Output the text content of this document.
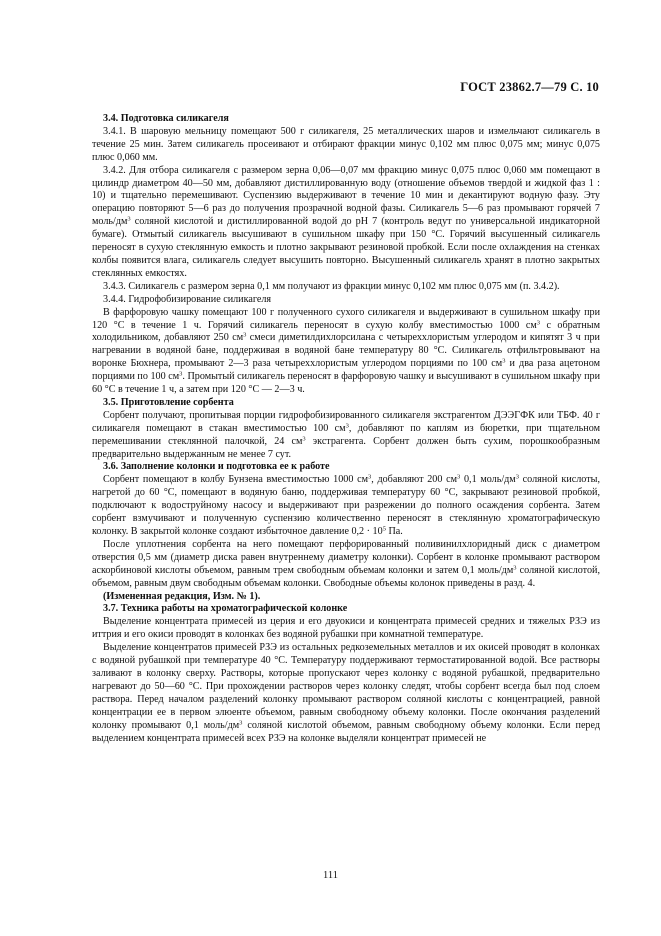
ГОСТ 23862.7—79 С. 10
3.4. Подготовка силикагеля

3.4.1. В шаровую мельницу помещают 500 г силикагеля, 25 металлических шаров и измельчают силикагель в течение 25 мин. Затем силикагель просеивают и отбирают фракции минус 0,102 мм плюс 0,075 мм; минус 0,075 плюс 0,060 мм.

3.4.2. Для отбора силикагеля с размером зерна 0,06—0,07 мм фракцию минус 0,075 плюс 0,060 мм помещают в цилиндр диаметром 40—50 мм, добавляют дистиллированную воду (отношение объемов твердой и жидкой фаз 1 : 10) и тщательно перемешивают. Суспензию выдерживают в течение 10 мин и декантируют водную фазу. Эту операцию повторяют 5—6 раз до получения прозрачной водной фазы. Силикагель 5—6 раз промывают горячей 7 моль/$дм^3$ соляной кислотой и дистиллированной водой до рН 7 (контроль ведут по универсальной индикаторной бумаге). Отмытый силикагель высушивают в сушильном шкафу при 150 °С. Горячий высушенный силикагель переносят в сухую стеклянную емкость и плотно закрывают резиновой пробкой. Если после охлаждения на стенках колбы появится влага, силикагель следует высушить повторно. Высушенный силикагель хранят в плотно закрытых стеклянных емкостях.

3.4.3. Силикагель с размером зерна 0,1 мм получают из фракции минус 0,102 мм плюс 0,075 мм (п. 3.4.2).

3.4.4. Гидрофобизирование силикагеля

В фарфоровую чашку помещают 100 г полученного сухого силикагеля и выдерживают в сушильном шкафу при 120 °С в течение 1 ч. Горячий силикагель переносят в сухую колбу вместимостью 1000 $см^3$ с обратным холодильником, добавляют 250 $см^3$ смеси диметилдихлорсилана с четыреххлористым углеродом и кипятят 3 ч при нагревании в водяной бане, поддерживая в водяной бане температуру 80 °С. Силикагель отфильтровывают на воронке Бюхнера, промывают 2—3 раза четыреххлористым углеродом порциями по 100 $см^3$ и два раза ацетоном порциями по 100 $см^3$. Промытый силикагель переносят в фарфоровую чашку и высушивают в сушильном шкафу при 60 °С в течение 1 ч, а затем при 120 °С — 2—3 ч.

3.5. Приготовление сорбента

Сорбент получают, пропитывая порции гидрофобизированного силикагеля экстрагентом ДЭЭГФК или ТБФ. 40 г силикагеля помещают в стакан вместимостью 100 $см^3$, добавляют по каплям из бюретки, при тщательном перемешивании стеклянной палочкой, 24 $см^3$ экстрагента. Сорбент должен быть сухим, порошкообразным предварительно выдержанным не менее 7 сут.

3.6. Заполнение колонки и подготовка ее к работе

Сорбент помещают в колбу Бунзена вместимостью 1000 $см^3$, добавляют 200 $см^3$ 0,1 моль/$дм^3$ соляной кислоты, нагретой до 60 °С, помещают в водяную баню, поддерживая температуру 60 °С, закрывают резиновой пробкой, подключают к водоструйному насосу и выдерживают при разрежении до полного осаждения сорбента. Затем сорбент взмучивают и полученную суспензию количественно переносят в стеклянную хроматографическую колонку. В закрытой колонке создают избыточное давление $0,2 \cdot 10^5$ Па.

После уплотнения сорбента на него помещают перфорированный поливинилхлоридный диск с диаметром отверстия 0,5 мм (диаметр диска равен внутреннему диаметру колонки). Сорбент в колонке промывают раствором аскорбиновой кислоты объемом, равным трем свободным объемам колонки и затем 0,1 моль/$дм^3$ соляной кислотой, объемом, равным двум свободным объемам колонки. Свободные объемы колонок приведены в разд. 4.

(Измененная редакция, Изм. № 1).
3.7. Техника работы на хроматографической колонке

Выделение концентрата примесей из церия и его двуокиси и концентрата примесей средних и тяжелых РЗЭ из иттрия и его окиси проводят в колонках без водяной рубашки при комнатной температуре.

Выделение концентратов примесей РЗЭ из остальных редкоземельных металлов и их окисей проводят в колонках с водяной рубашкой при температуре 40 °С. Температуру поддерживают термостатированной водой. Все растворы заливают в колонку сверху. Растворы, которые пропускают через колонку с водяной рубашкой, предварительно нагревают до 50—60 °С. При прохождении растворов через колонку следят, чтобы сорбент всегда был под слоем раствора. Перед началом разделений колонку промывают раствором соляной кислоты с концентрацией, равной концентрации ее в первом элюенте объемом, равным свободному объему колонки. После окончания разделений колонку промывают 0,1 моль/$дм^3$ соляной кислотой объемом, равным свободному объему колонки. Если перед выделением концентрата примесей всех РЗЭ на колонке выделяли концентрат примесей не

111
